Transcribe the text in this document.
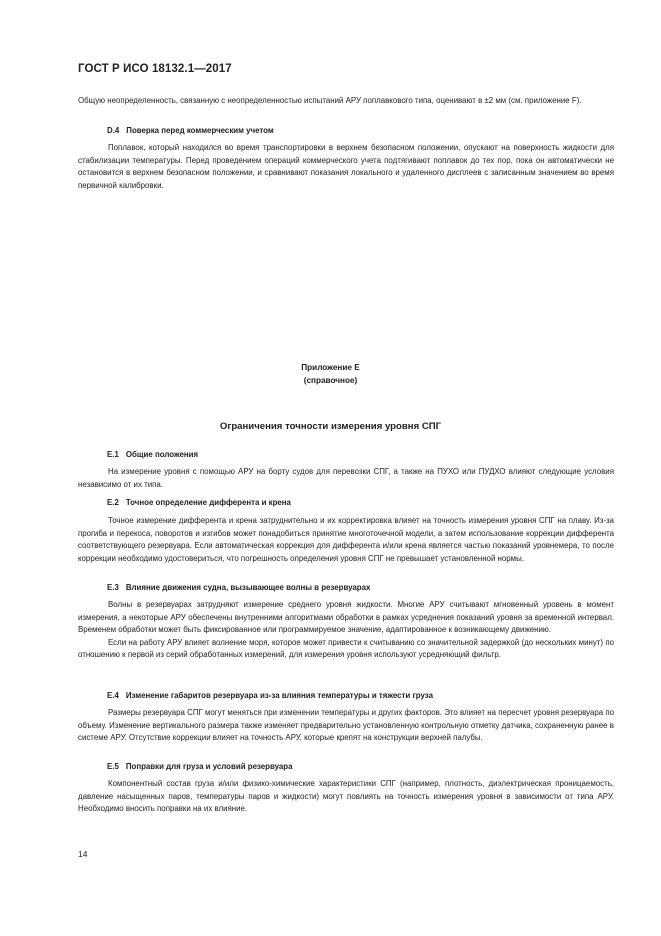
ГОСТ Р ИСО 18132.1—2017

Общую неопределенность, связанную с неопределенностью испытаний АРУ поплавкового типа, оценивают в ±2 мм (см. приложение F).

D.4 Поверка перед коммерческим учетом

Поплавок, который находился во время транспортировки в верхнем безопасном положении, опускают на поверхность жидкости для стабилизации температуры. Перед проведением операций коммерческого учета подтягивают поплавок до тех пор, пока он автоматически не остановится в верхнем безопасном положении, и сравнивают показания локального и удаленного дисплеев с записанным значением во время первичной калибровки.

Приложение Е
(справочное)
Ограничения точности измерения уровня СПГ
Е.1 Общие положения

На измерение уровня с помощью АРУ на борту судов для перевозки СПГ, а также на ПУХО или ПУДХО влияют следующие условия независимо от их типа.

Е.2 Точное определение дифферента и крена

Точное измерение дифферента и крена затруднительно и их корректировка влияет на точность измерения уровня СПГ на плаву. Из-за прогиба и перекоса, поворотов и изгибов может понадобиться принятие многоточечной модели, а затем использование коррекции дифферента соответствующего резервуара. Если автоматическая коррекция для дифферента и/или крена является частью показаний уровнемера, то после коррекции необходимо удостовериться, что погрешность определения уровня СПГ не превышает установленной нормы.

Е.3 Влияние движения судна, вызывающее волны в резервуарах

Волны в резервуарах затрудняют измерение среднего уровня жидкости. Многие АРУ считывают мгновенный уровень в момент измерения, а некоторые АРУ обеспечены внутренними алгоритмами обработки в рамках усреднения показаний уровня за временной интервал. Временем обработки может быть фиксированное или программируемое значение, адаптированное к возникающему движению.

Если на работу АРУ влияет волнение моря, которое может привести к считыванию со значительной задержкой (до нескольких минут) по отношению к первой из серий обработанных измерений, для измерения уровня используют усредняющий фильтр.

Е.4 Изменение габаритов резервуара из-за влияния температуры и тяжести груза

Размеры резервуара СПГ могут меняться при изменении температуры и других факторов. Это влияет на пересчет уровня резервуара по объему. Изменение вертикального размера также изменяет предварительно установленную контрольную отметку датчика, сохраненную ранее в системе АРУ. Отсутствие коррекции влияет на точность АРУ, которые крепят на конструкции верхней палубы.

Е.5 Поправки для груза и условий резервуара

Компонентный состав груза и/или физико-химические характеристики СПГ (например, плотность, диэлектрическая проницаемость, давление насыщенных паров, температуры паров и жидкости) могут повлиять на точность измерения уровня в зависимости от типа АРУ. Необходимо вносить поправки на их влияние.

14
